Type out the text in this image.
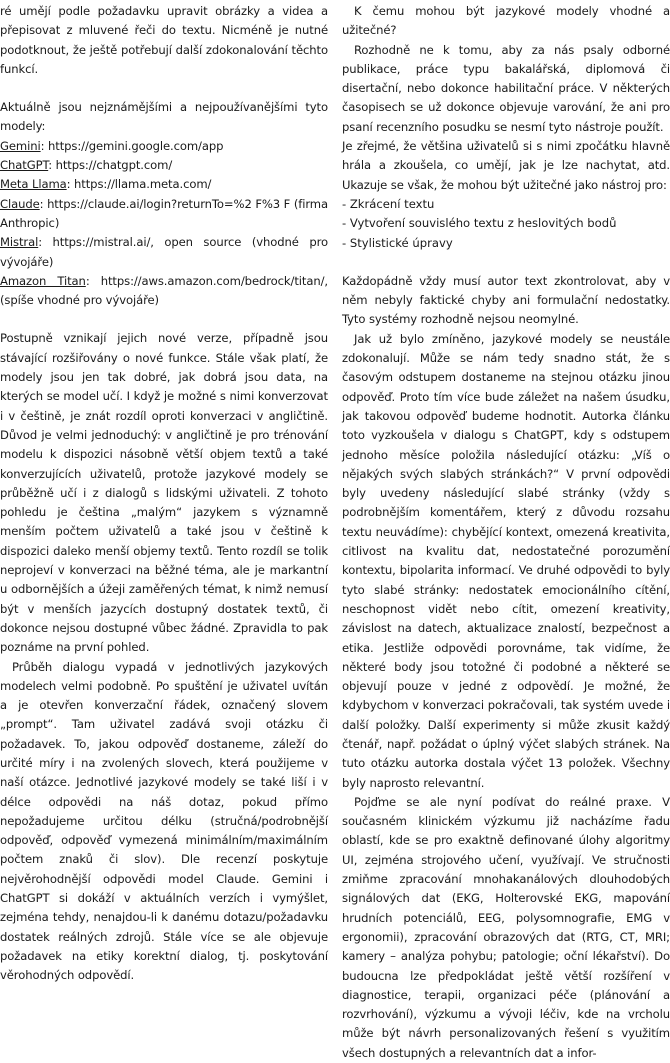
ré umějí podle požadavku upravit obrázky a videa a přepisovat z mluvené řeči do textu. Nicméně je nutné podotknout, že ještě potřebují další zdokonalování těchto funkcí.

Aktuálně jsou nejznámějšími a nejpoužívanějšími tyto modely:

Gemini: https://gemini.google.com/app
ChatGPT: https://chatgpt.com/
Meta Llama: https://llama.meta.com/
Claude: https://claude.ai/login?returnTo=%2 F%3 F (firma Anthropic)
Mistral: https://mistral.ai/, open source (vhodné pro vývojáře)
Amazon Titan: https://aws.amazon.com/bedrock/titan/, (spíše vhodné pro vývojáře)

Postupně vznikají jejich nové verze, případně jsou stávající rozšiřovány o nové funkce. Stále však platí, že modely jsou jen tak dobré, jak dobrá jsou data, na kterých se model učí. I když je možné s nimi konverzovat i v češtině, je znát rozdíl oproti konverzaci v angličtině. Důvod je velmi jednoduchý: v angličtině je pro trénování modelu k dispozici násobně větší objem textů a také konverzujících uživatelů, protože jazykové modely se průběžně učí i z dialogů s lidskými uživateli. Z tohoto pohledu je čeština „malým“ jazykem s významně menším počtem uživatelů a také jsou v češtině k dispozici daleko menší objemy textů. Tento rozdíl se tolik neprojeví v konverzaci na běžné téma, ale je markantní u odbornějších a úžeji zaměřených témat, k nimž nemusí být v menších jazycích dostupný dostatek textů, či dokonce nejsou dostupné vůbec žádné. Zpravidla to pak poznáme na první pohled.

Průběh dialogu vypadá v jednotlivých jazykových modelech velmi podobně. Po spuštění je uživatel uvítán a je otevřen konverzační řádek, označený slovem „prompt“. Tam uživatel zadává svoji otázku či požadavek. To, jakou odpověď dostaneme, záleží do určité míry i na zvolených slovech, která použijeme v naší otázce. Jednotlivé jazykové modely se také liší i v délce odpovědi na náš dotaz, pokud přímo nepožadujeme určitou délku (stručná/podrobnější odpověď, odpověď vymezená minimálním/maximálním počtem znaků či slov). Dle recenzí poskytuje nejvěrohodnější odpovědi model Claude. Gemini i ChatGPT si dokáží v aktuálních verzích i vymýšlet, zejména tehdy, nenajdou-li k danému dotazu/požadavku dostatek reálných zdrojů. Stále více se ale objevuje požadavek na etiky korektní dialog, tj. poskytování věrohodných odpovědí.

K čemu mohou být jazykové modely vhodné a užitečné?

Rozhodně ne k tomu, aby za nás psaly odborné publikace, práce typu bakalářská, diplomová či disertační, nebo dokonce habilitační práce. V některých časopisech se už dokonce objevuje varování, že ani pro psaní recenzního posudku se nesmí tyto nástroje použít.

Je zřejmé, že většina uživatelů si s nimi zpočátku hlavně hrála a zkoušela, co umějí, jak je lze nachytat, atd. Ukazuje se však, že mohou být užitečné jako nástroj pro:

- Zkrácení textu
- Vytvoření souvislého textu z heslovitých bodů
- Stylistické úpravy

Každopádně vždy musí autor text zkontrolovat, aby v něm nebyly faktické chyby ani formulační nedostatky. Tyto systémy rozhodně nejsou neomylné.

Jak už bylo zmíněno, jazykové modely se neustále zdokonalují. Může se nám tedy snadno stát, že s časovým odstupem dostaneme na stejnou otázku jinou odpověď. Proto tím více bude záležet na našem úsudku, jak takovou odpověď budeme hodnotit. Autorka článku toto vyzkoušela v dialogu s ChatGPT, kdy s odstupem jednoho měsíce položila následující otázku: „Víš o nějakých svých slabých stránkách?“ V první odpovědi byly uvedeny následující slabé stránky (vždy s podrobnějším komentářem, který z důvodu rozsahu textu neuvádíme): chybějící kontext, omezená kreativita, citlivost na kvalitu dat, nedostatečné porozumění kontextu, bipolarita informací. Ve druhé odpovědi to byly tyto slabé stránky: nedostatek emocionálního cítění, neschopnost vidět nebo cítit, omezení kreativity, závislost na datech, aktualizace znalostí, bezpečnost a etika. Jestliže odpovědi porovnáme, tak vidíme, že některé body jsou totožné či podobné a některé se objevují pouze v jedné z odpovědí. Je možné, že kdybychom v konverzaci pokračovali, tak systém uvede i další položky. Další experimenty si může zkusit každý čtenář, např. požádat o úplný výčet slabých stránek. Na tuto otázku autorka dostala výčet 13 položek. Všechny byly naprosto relevantní.

Pojďme se ale nyní podívat do reálné praxe. V současném klinickém výzkumu již nacházíme řadu oblastí, kde se pro exaktně definované úlohy algoritmy UI, zejména strojového učení, využívají. Ve stručnosti zmiňme zpracování mnohakanálových dlouhodobých signálových dat (EKG, Holterovské EKG, mapování hrudních potenciálů, EEG, polysomnografie, EMG v ergonomii), zpracování obrazových dat (RTG, CT, MRI; kamery – analýza pohybu; patologie; oční lékařství). Do budoucna lze předpokládat ještě větší rozšíření v diagnostice, terapii, organizaci péče (plánování a rozvrhování), výzkumu a vývoji léčiv, kde na vrcholu může být návrh personalizovaných řešení s využitím všech dostupných a relevantních dat a infor-
